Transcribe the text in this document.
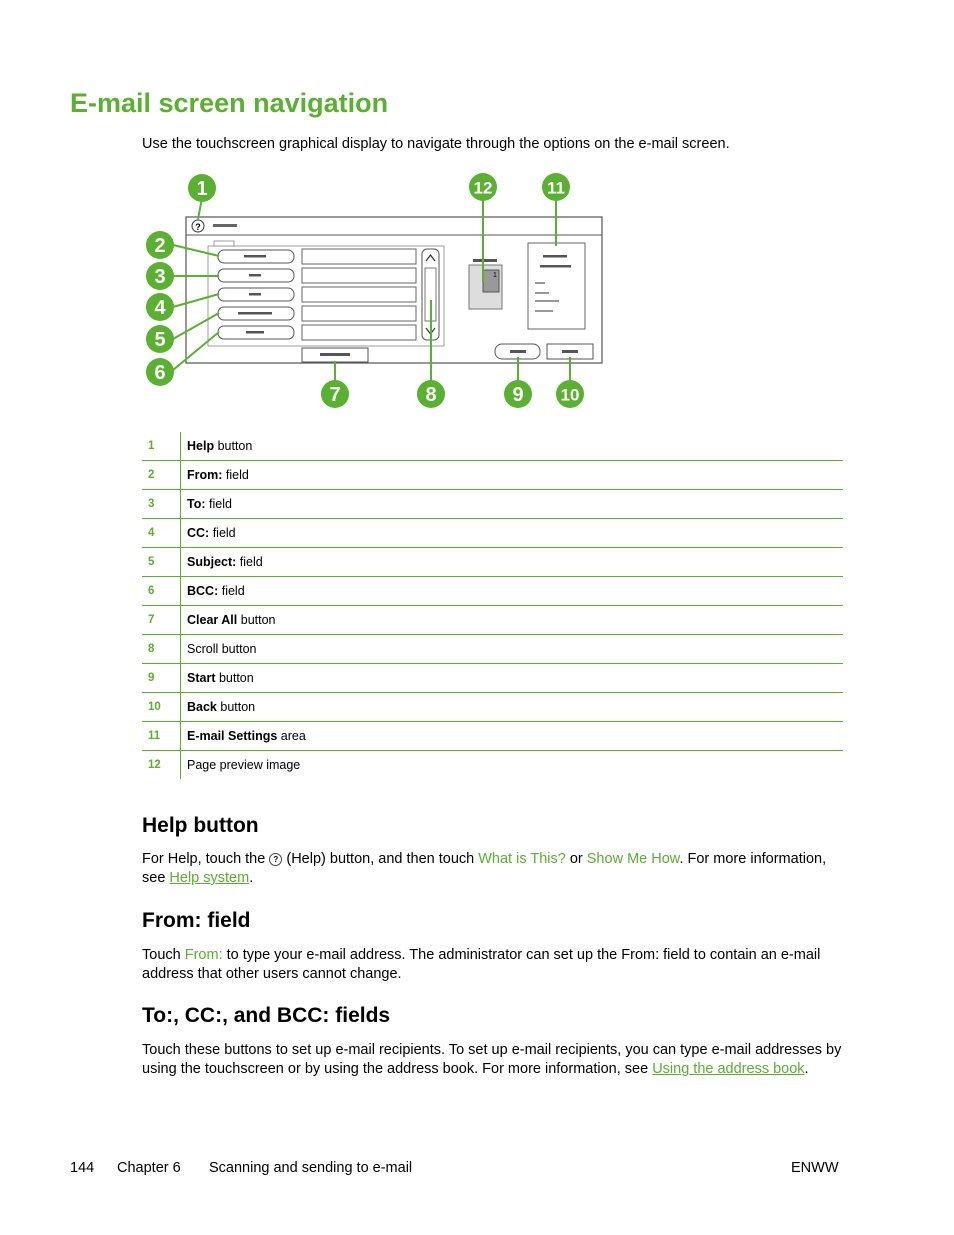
E-mail screen navigation
Use the touchscreen graphical display to navigate through the options on the e-mail screen.
?
1
1
2
3
4
5
6
7	8	9 10
11
12
1	Help button
2	From: field
3	To: field
4	CC: field
5	Subject: field
6	BCC: field
7	Clear All button
8	Scroll button
9	Start button
10	Back button
11	E-mail Settings area
12	Page preview image
Help button

For Help, touch the ? (Help) button, and then touch What is This? or Show Me How. For more information, see Help system.

From: field

Touch From: to type your e-mail address. The administrator can set up the From: field to contain an e-mail address that other users cannot change.

To:, CC:, and BCC: fields

Touch these buttons to set up e-mail recipients. To set up e-mail recipients, you can type e-mail addresses by using the touchscreen or by using the address book. For more information, see Using the address book.

144 Chapter 6 Scanning and sending to e-mail	ENWW
